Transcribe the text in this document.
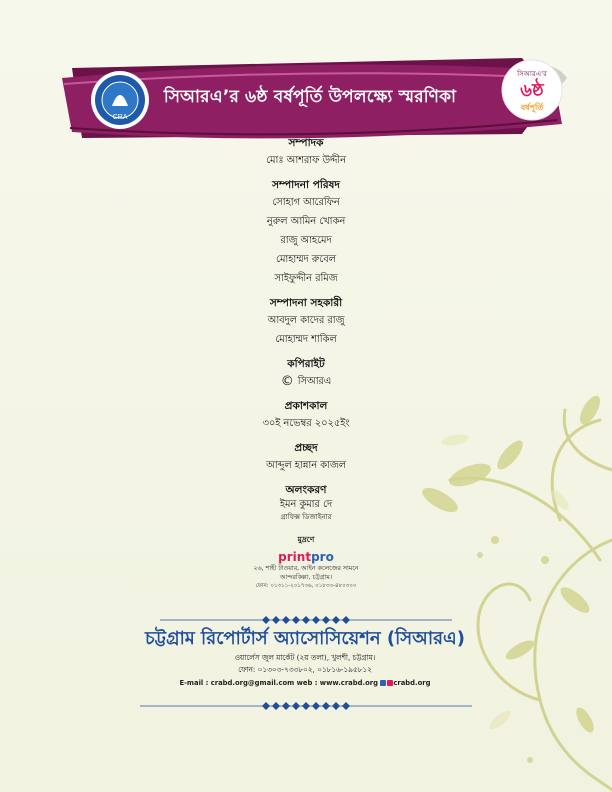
সিআরএ’র ৬ষ্ঠ বর্ষপূর্তি উপলক্ষ্যে স্মরণিকা
CRA
সিআরএ'র
৬ষ্ঠ
বর্ষপূর্তি
সম্পাদক
মোঃ আশরাফ উদ্দীন
সম্পাদনা পরিষদ
সোহাগ আরেফিন
নুরুল আমিন খোকন
রাজু আহমেদ
মোহাম্মদ রুবেল
সাইফুদ্দীন রমিজ
সম্পাদনা সহকারী
আবদুল কাদের রাজু
মোহাম্মদ শাকিল
কপিরাইট
© সিআরএ
প্রকাশকাল
৩০ই নভেম্বর ২০২৫ইং
প্রচ্ছদ
আব্দুল হান্নান কাজল
অলংকরণ
ইমন কুমার দে
গ্রাফিক্স ডিজাইনার
মুদ্রণে
printpro
২৬, শাহী টাওয়ার, আইন কলেজের সামনে
আন্দরকিল্লা, চট্টগ্রাম।
ফোন: ০১৩১১-২০১৭৩৬, ০১৮৩৩-৪৮০৩০০
চট্টগ্রাম রিপোর্টার্স অ্যাসোসিয়েশন (সিআরএ)
ওয়ার্লেস জুল মার্কেট (২য় তলা), খুলশী, চট্টগ্রাম।
ফোন: ০১৩০৩-৭৩৩৮০২, ০১৮১৬-১৯৫৮১২
E-mail : crabd.org@gmail.com web : www.crabd.org crabd.org
